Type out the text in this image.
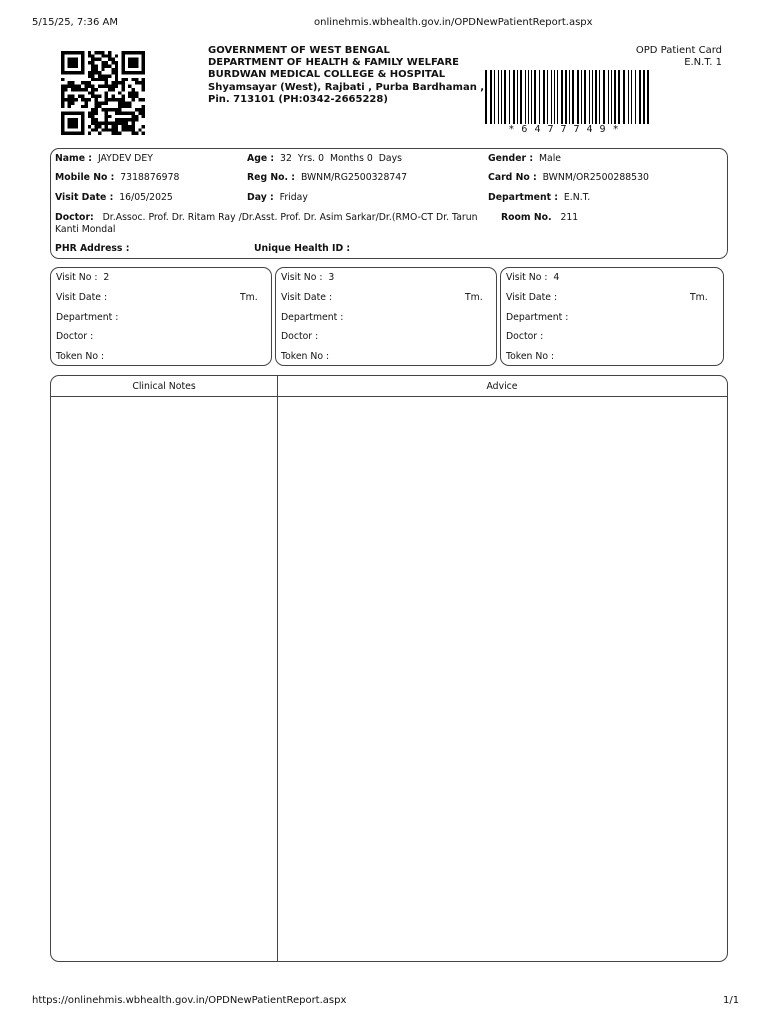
5/15/25, 7:36 AM	onlinehmis.wbhealth.gov.in/OPDNewPatientReport.aspx
https://onlinehmis.wbhealth.gov.in/OPDNewPatientReport.aspx	1/1
GOVERNMENT OF WEST BENGAL
DEPARTMENT OF HEALTH & FAMILY WELFARE
BURDWAN MEDICAL COLLEGE & HOSPITAL
Shyamsayar (West), Rajbati , Purba Bardhaman ,
Pin. 713101 (PH:0342-2665228)
OPD Patient Card
E.N.T. 1
*6477749*
Name : JAYDEV DEY	Age : 32 Yrs. 0 Months 0 Days	Gender : Male
Mobile No : 7318876978	Reg No. : BWNM/RG2500328747	Card No : BWNM/OR2500288530
Visit Date : 16/05/2025	Day : Friday	Department : E.N.T.
Doctor: Dr.Assoc. Prof. Dr. Ritam Ray /Dr.Asst. Prof. Dr. Asim Sarkar/Dr.(RMO-CT Dr. Tarun
Kanti Mondal
Room No. 211
PHR Address :	Unique Health ID :
Visit No : 2
Visit Date :	Tm.
Department :
Doctor :
Token No :
Visit No : 3
Visit Date :	Tm.
Department :
Doctor :
Token No :
Visit No : 4
Visit Date :	Tm.
Department :
Doctor :
Token No :
Clinical Notes	Advice
